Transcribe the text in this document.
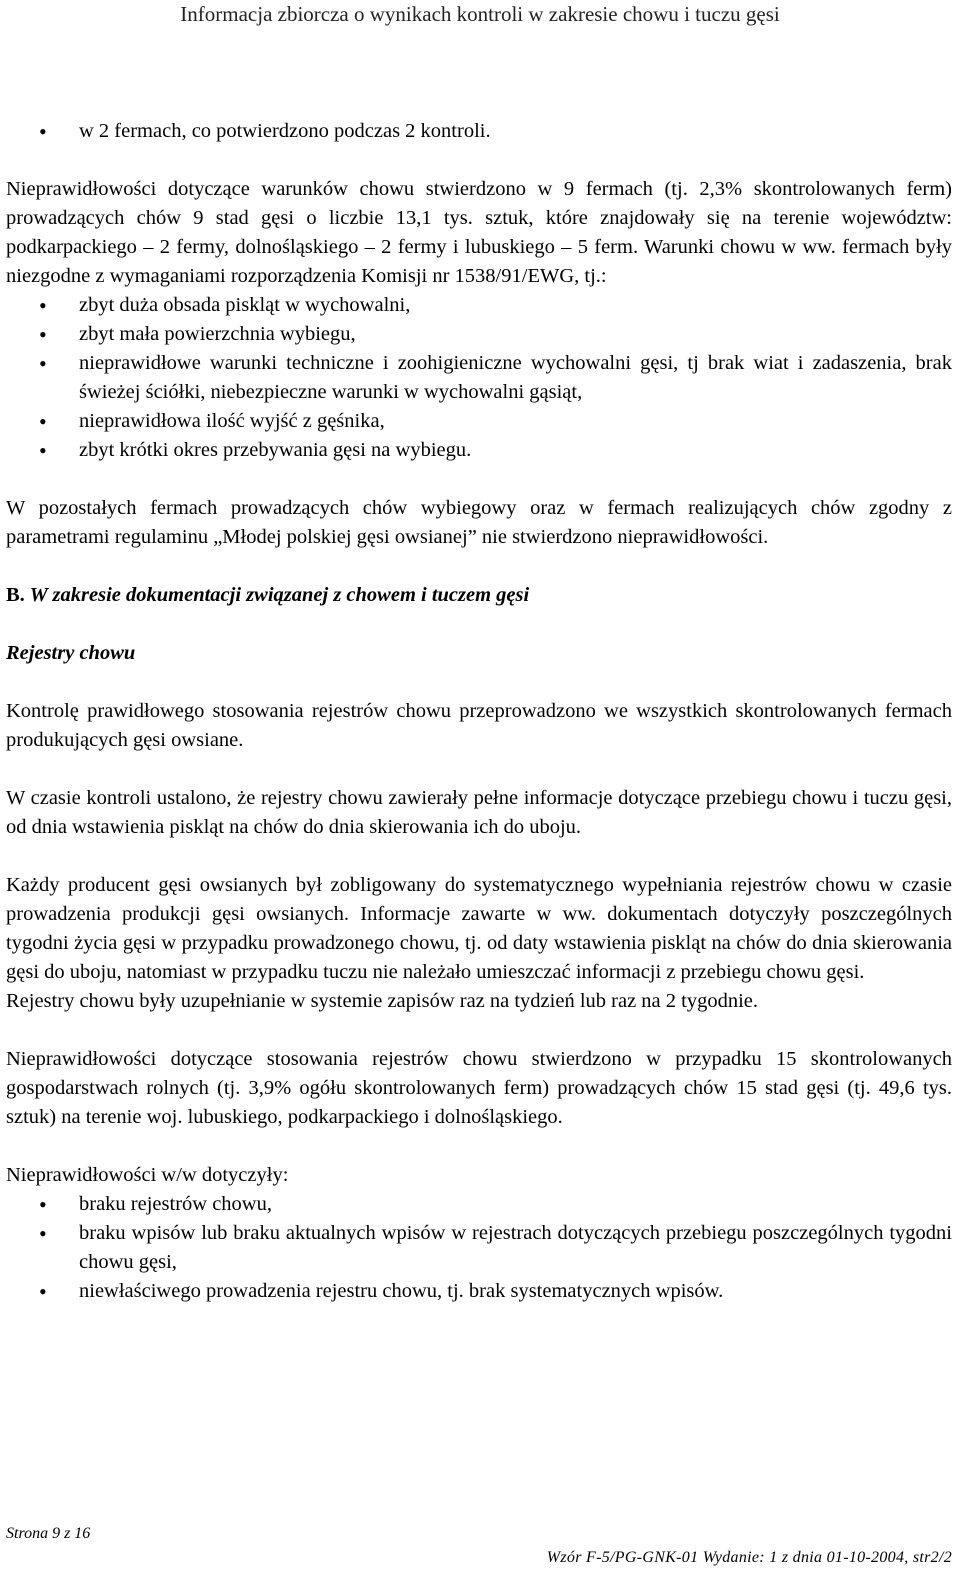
Informacja zbiorcza o wynikach kontroli w zakresie chowu i tuczu gęsi
• w 2 fermach, co potwierdzono podczas 2 kontroli.

Nieprawidłowości dotyczące warunków chowu stwierdzono w 9 fermach (tj. 2,3% skontrolowanych ferm) prowadzących chów 9 stad gęsi o liczbie 13,1 tys. sztuk, które znajdowały się na terenie województw: podkarpackiego – 2 fermy, dolnośląskiego – 2 fermy i lubuskiego – 5 ferm. Warunki chowu w ww. fermach były niezgodne z wymaganiami rozporządzenia Komisji nr 1538/91/EWG, tj.:

• zbyt duża obsada piskląt w wychowalni,
• zbyt mała powierzchnia wybiegu,
• nieprawidłowe warunki techniczne i zoohigieniczne wychowalni gęsi, tj brak wiat i zadaszenia, brak świeżej ściółki, niebezpieczne warunki w wychowalni gąsiąt,
• nieprawidłowa ilość wyjść z gęśnika,
• zbyt krótki okres przebywania gęsi na wybiegu.

W pozostałych fermach prowadzących chów wybiegowy oraz w fermach realizujących chów zgodny z parametrami regulaminu „Młodej polskiej gęsi owsianej” nie stwierdzono nieprawidłowości.

B. W zakresie dokumentacji związanej z chowem i tuczem gęsi

Rejestry chowu

Kontrolę prawidłowego stosowania rejestrów chowu przeprowadzono we wszystkich skontrolowanych fermach produkujących gęsi owsiane.

W czasie kontroli ustalono, że rejestry chowu zawierały pełne informacje dotyczące przebiegu chowu i tuczu gęsi, od dnia wstawienia piskląt na chów do dnia skierowania ich do uboju.

Każdy producent gęsi owsianych był zobligowany do systematycznego wypełniania rejestrów chowu w czasie prowadzenia produkcji gęsi owsianych. Informacje zawarte w ww. dokumentach dotyczyły poszczególnych tygodni życia gęsi w przypadku prowadzonego chowu, tj. od daty wstawienia piskląt na chów do dnia skierowania gęsi do uboju, natomiast w przypadku tuczu nie należało umieszczać informacji z przebiegu chowu gęsi.

Rejestry chowu były uzupełnianie w systemie zapisów raz na tydzień lub raz na 2 tygodnie.

Nieprawidłowości dotyczące stosowania rejestrów chowu stwierdzono w przypadku 15 skontrolowanych gospodarstwach rolnych (tj. 3,9% ogółu skontrolowanych ferm) prowadzących chów 15 stad gęsi (tj. 49,6 tys. sztuk) na terenie woj. lubuskiego, podkarpackiego i dolnośląskiego.

Nieprawidłowości w/w dotyczyły:

• braku rejestrów chowu,
• braku wpisów lub braku aktualnych wpisów w rejestrach dotyczących przebiegu poszczególnych tygodni chowu gęsi,
• niewłaściwego prowadzenia rejestru chowu, tj. brak systematycznych wpisów.
Strona 9 z 16
Wzór F-5/PG-GNK-01 Wydanie: 1 z dnia 01-10-2004, str2/2
